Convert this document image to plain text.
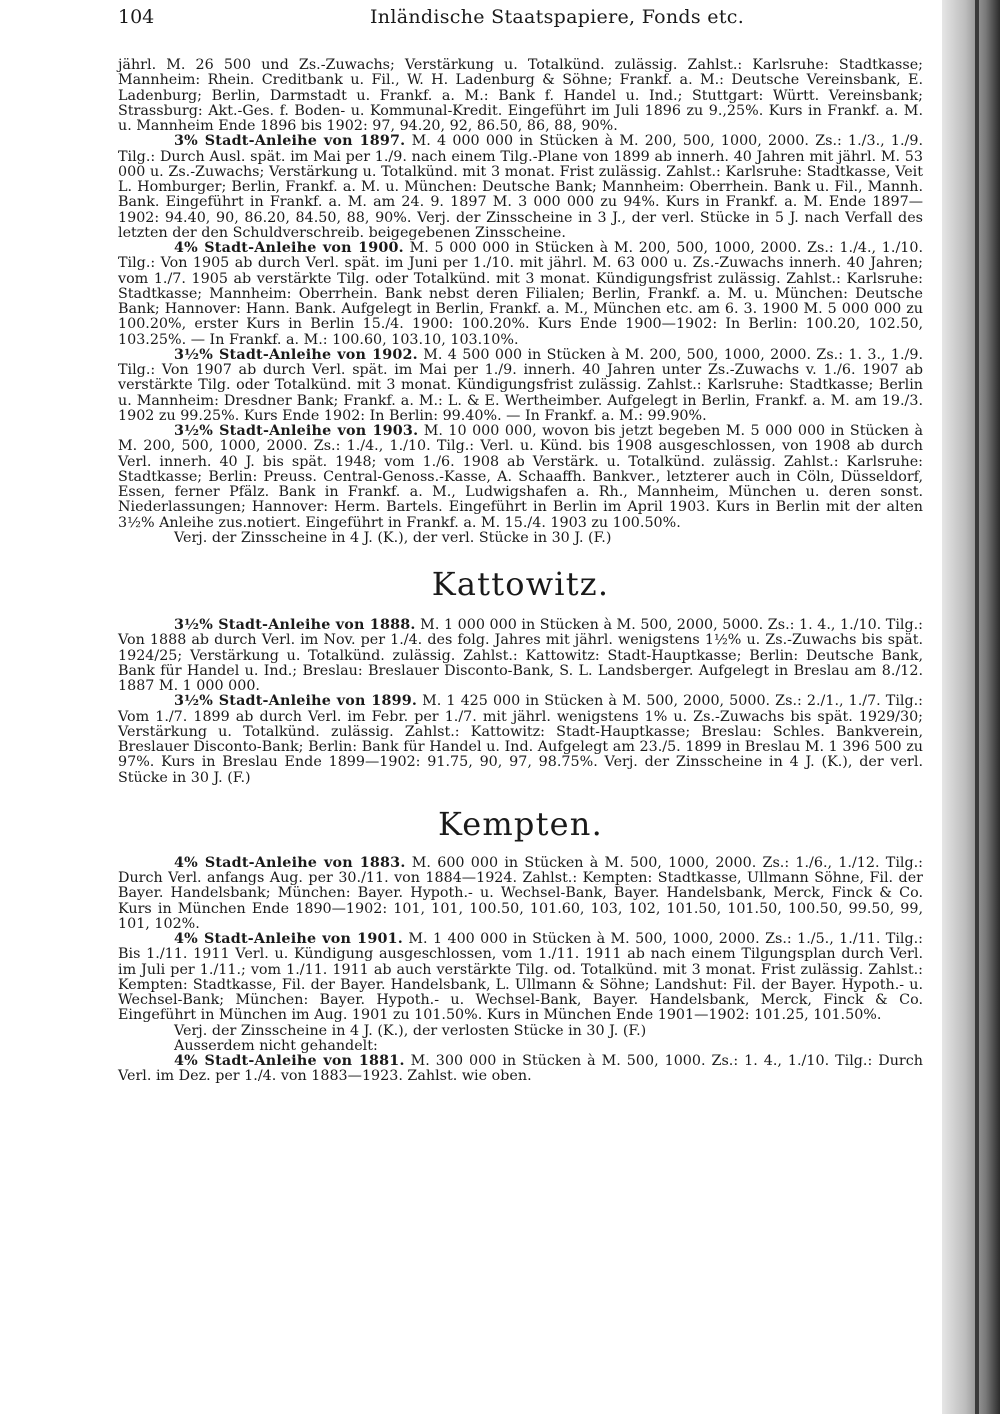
104	Inländische Staatspapiere, Fonds etc.

jährl. M. 26 500 und Zs.-Zuwachs; Verstärkung u. Totalkünd. zulässig. Zahlst.: Karlsruhe: Stadtkasse; Mannheim: Rhein. Creditbank u. Fil., W. H. Ladenburg & Söhne; Frankf. a. M.: Deutsche Vereinsbank, E. Ladenburg; Berlin, Darmstadt u. Frankf. a. M.: Bank f. Handel u. Ind.; Stuttgart: Württ. Vereinsbank; Strassburg: Akt.-Ges. f. Boden- u. Kommunal-Kredit. Eingeführt im Juli 1896 zu 9.,25%. Kurs in Frankf. a. M. u. Mannheim Ende 1896 bis 1902: 97, 94.20, 92, 86.50, 86, 88, 90%.

3% Stadt-Anleihe von 1897. M. 4 000 000 in Stücken à M. 200, 500, 1000, 2000. Zs.: 1./3., 1./9. Tilg.: Durch Ausl. spät. im Mai per 1./9. nach einem Tilg.-Plane von 1899 ab innerh. 40 Jahren mit jährl. M. 53 000 u. Zs.-Zuwachs; Verstärkung u. Totalkünd. mit 3 monat. Frist zulässig. Zahlst.: Karlsruhe: Stadtkasse, Veit L. Homburger; Berlin, Frankf. a. M. u. München: Deutsche Bank; Mannheim: Oberrhein. Bank u. Fil., Mannh. Bank. Eingeführt in Frankf. a. M. am 24. 9. 1897 M. 3 000 000 zu 94%. Kurs in Frankf. a. M. Ende 1897—1902: 94.40, 90, 86.20, 84.50, 88, 90%. Verj. der Zinsscheine in 3 J., der verl. Stücke in 5 J. nach Verfall des letzten der den Schuldverschreib. beigegebenen Zinsscheine.

4% Stadt-Anleihe von 1900. M. 5 000 000 in Stücken à M. 200, 500, 1000, 2000. Zs.: 1./4., 1./10. Tilg.: Von 1905 ab durch Verl. spät. im Juni per 1./10. mit jährl. M. 63 000 u. Zs.-Zuwachs innerh. 40 Jahren; vom 1./7. 1905 ab verstärkte Tilg. oder Totalkünd. mit 3 monat. Kündigungsfrist zulässig. Zahlst.: Karlsruhe: Stadtkasse; Mannheim: Oberrhein. Bank nebst deren Filialen; Berlin, Frankf. a. M. u. München: Deutsche Bank; Hannover: Hann. Bank. Aufgelegt in Berlin, Frankf. a. M., München etc. am 6. 3. 1900 M. 5 000 000 zu 100.20%, erster Kurs in Berlin 15./4. 1900: 100.20%. Kurs Ende 1900—1902: In Berlin: 100.20, 102.50, 103.25%. — In Frankf. a. M.: 100.60, 103.10, 103.10%.

3½% Stadt-Anleihe von 1902. M. 4 500 000 in Stücken à M. 200, 500, 1000, 2000. Zs.: 1. 3., 1./9. Tilg.: Von 1907 ab durch Verl. spät. im Mai per 1./9. innerh. 40 Jahren unter Zs.-Zuwachs v. 1./6. 1907 ab verstärkte Tilg. oder Totalkünd. mit 3 monat. Kündigungsfrist zulässig. Zahlst.: Karlsruhe: Stadtkasse; Berlin u. Mannheim: Dresdner Bank; Frankf. a. M.: L. & E. Wertheimber. Aufgelegt in Berlin, Frankf. a. M. am 19./3. 1902 zu 99.25%. Kurs Ende 1902: In Berlin: 99.40%. — In Frankf. a. M.: 99.90%.

3½% Stadt-Anleihe von 1903. M. 10 000 000, wovon bis jetzt begeben M. 5 000 000 in Stücken à M. 200, 500, 1000, 2000. Zs.: 1./4., 1./10. Tilg.: Verl. u. Künd. bis 1908 ausgeschlossen, von 1908 ab durch Verl. innerh. 40 J. bis spät. 1948; vom 1./6. 1908 ab Verstärk. u. Totalkünd. zulässig. Zahlst.: Karlsruhe: Stadtkasse; Berlin: Preuss. Central-Genoss.-Kasse, A. Schaaffh. Bankver., letzterer auch in Cöln, Düsseldorf, Essen, ferner Pfälz. Bank in Frankf. a. M., Ludwigshafen a. Rh., Mannheim, München u. deren sonst. Niederlassungen; Hannover: Herm. Bartels. Eingeführt in Berlin im April 1903. Kurs in Berlin mit der alten 3½% Anleihe zus.notiert. Eingeführt in Frankf. a. M. 15./4. 1903 zu 100.50%.

Verj. der Zinsscheine in 4 J. (K.), der verl. Stücke in 30 J. (F.)

Kattowitz.

3½% Stadt-Anleihe von 1888. M. 1 000 000 in Stücken à M. 500, 2000, 5000. Zs.: 1. 4., 1./10. Tilg.: Von 1888 ab durch Verl. im Nov. per 1./4. des folg. Jahres mit jährl. wenigstens 1½% u. Zs.-Zuwachs bis spät. 1924/25; Verstärkung u. Totalkünd. zulässig. Zahlst.: Kattowitz: Stadt-Hauptkasse; Berlin: Deutsche Bank, Bank für Handel u. Ind.; Breslau: Breslauer Disconto-Bank, S. L. Landsberger. Aufgelegt in Breslau am 8./12. 1887 M. 1 000 000.

3½% Stadt-Anleihe von 1899. M. 1 425 000 in Stücken à M. 500, 2000, 5000. Zs.: 2./1., 1./7. Tilg.: Vom 1./7. 1899 ab durch Verl. im Febr. per 1./7. mit jährl. wenigstens 1% u. Zs.-Zuwachs bis spät. 1929/30; Verstärkung u. Totalkünd. zulässig. Zahlst.: Kattowitz: Stadt-Hauptkasse; Breslau: Schles. Bankverein, Breslauer Disconto-Bank; Berlin: Bank für Handel u. Ind. Aufgelegt am 23./5. 1899 in Breslau M. 1 396 500 zu 97%. Kurs in Breslau Ende 1899—1902: 91.75, 90, 97, 98.75%. Verj. der Zinsscheine in 4 J. (K.), der verl. Stücke in 30 J. (F.)

Kempten.

4% Stadt-Anleihe von 1883. M. 600 000 in Stücken à M. 500, 1000, 2000. Zs.: 1./6., 1./12. Tilg.: Durch Verl. anfangs Aug. per 30./11. von 1884—1924. Zahlst.: Kempten: Stadtkasse, Ullmann Söhne, Fil. der Bayer. Handelsbank; München: Bayer. Hypoth.- u. Wechsel-Bank, Bayer. Handelsbank, Merck, Finck & Co. Kurs in München Ende 1890—1902: 101, 101, 100.50, 101.60, 103, 102, 101.50, 101.50, 100.50, 99.50, 99, 101, 102%.

4% Stadt-Anleihe von 1901. M. 1 400 000 in Stücken à M. 500, 1000, 2000. Zs.: 1./5., 1./11. Tilg.: Bis 1./11. 1911 Verl. u. Kündigung ausgeschlossen, vom 1./11. 1911 ab nach einem Tilgungsplan durch Verl. im Juli per 1./11.; vom 1./11. 1911 ab auch verstärkte Tilg. od. Totalkünd. mit 3 monat. Frist zulässig. Zahlst.: Kempten: Stadtkasse, Fil. der Bayer. Handelsbank, L. Ullmann & Söhne; Landshut: Fil. der Bayer. Hypoth.- u. Wechsel-Bank; München: Bayer. Hypoth.- u. Wechsel-Bank, Bayer. Handelsbank, Merck, Finck & Co. Eingeführt in München im Aug. 1901 zu 101.50%. Kurs in München Ende 1901—1902: 101.25, 101.50%.

Verj. der Zinsscheine in 4 J. (K.), der verlosten Stücke in 30 J. (F.)

Ausserdem nicht gehandelt:

4% Stadt-Anleihe von 1881. M. 300 000 in Stücken à M. 500, 1000. Zs.: 1. 4., 1./10. Tilg.: Durch Verl. im Dez. per 1./4. von 1883—1923. Zahlst. wie oben.
